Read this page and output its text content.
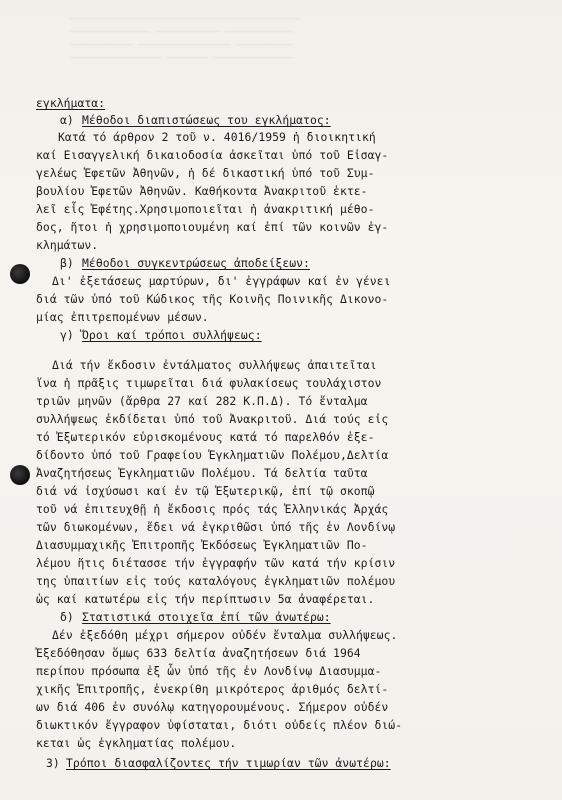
────────────────────────────────────────
────────────── ─────────── ────────────
─────────── ──────────────── ──────────
──────────────── ─────── ──────────────
εγκλήματα:
α) Μέθοδοι διαπιστώσεως του εγκλήματος:
Κατά τό άρθρον 2 τοῦ ν. 4016/1959 ἡ διοικητική
καί Εισαγγελική δικαιοδοσία ἀσκεῖται ὑπό τοῦ Εἰσαγ-
γελέως Ἐφετῶν Ἀθηνῶν, ἡ δέ δικαστική ὑπό τοῦ Συμ-
βουλίου Ἐφετῶν Ἀθηνῶν. Καθήκοντα Ἀνακριτοῦ ἐκτε-
λεῖ εἷς Ἐφέτης.Χρησιμοποιεῖται ἡ ἀνακριτική μέθο-
δος, ἤτοι ἡ χρησιμοποιουμένη καί ἐπί τῶν κοινῶν ἐγ-
κλημάτων.
β) Μέθοδοι συγκεντρώσεως ἀποδείξεων:
Δι' ἐξετάσεως μαρτύρων, δι' ἐγγράφων καί ἐν γένει
διά τῶν ὑπό τοῦ Κώδικος τῆς Κοινῆς Ποινικῆς Δικονο-
μίας ἐπιτρεπομένων μέσων.
γ) Ὅροι καί τρόποι συλλήψεως:
Διά τήν ἔκδοσιν ἐντάλματος συλλήψεως ἀπαιτεῖται
ἵνα ἡ πρᾶξις τιμωρεῖται διά φυλακίσεως τουλάχιστον
τριῶν μηνῶν (ἄρθρα 27 καί 282 Κ.Π.Δ). Τό ἔνταλμα
συλλήψεως ἐκδίδεται ὑπό τοῦ Ἀνακριτοῦ. Διά τούς εἰς
τό Ἐξωτερικόν εὑρισκομένους κατά τό παρελθόν ἐξε-
δίδοντο ὑπό τοῦ Γραφείου Ἐγκληματιῶν Πολέμου,Δελτία
Ἀναζητήσεως Ἐγκληματιῶν Πολέμου. Τά δελτία ταῦτα
διά νά ἰσχύσωσι καί ἐν τῷ Ἐξωτερικῷ, ἐπί τῷ σκοπῷ
τοῦ νά ἐπιτευχθῇ ἡ ἔκδοσις πρός τάς Ἑλληνικάς Ἀρχάς
τῶν διωκομένων, ἔδει νά ἐγκριθῶσι ὑπό τῆς ἐν Λονδίνῳ
Διασυμμαχικῆς Ἐπιτροπῆς Ἐκδόσεως Ἐγκληματιῶν Πο-
λέμου ἥτις διέτασσε τήν ἐγγραφήν τῶν κατά τήν κρίσιν
της ὑπαιτίων εἰς τούς καταλόγους ἐγκληματιῶν πολέμου
ὡς καί κατωτέρω εἰς τήν περίπτωσιν 5α ἀναφέρεται.
δ) Στατιστικά στοιχεῖα ἐπί τῶν ἀνωτέρω:
Δέν ἐξεδόθη μέχρι σήμερον οὐδέν ἔνταλμα συλλήψεως.
Ἐξεδόθησαν ὅμως 633 δελτία ἀναζητήσεων διά 1964
περίπου πρόσωπα ἐξ ὧν ὑπό τῆς ἐν Λονδίνῳ Διασυμμα-
χικῆς Ἐπιτροπῆς, ἐνεκρίθη μικρότερος ἀριθμός δελτί-
ων διά 406 ἐν συνόλῳ κατηγορουμένους. Σήμερον οὐδέν
διωκτικόν ἔγγραφον ὑφίσταται, διότι οὐδείς πλέον διώ-
κεται ὡς ἐγκληματίας πολέμου.
3) Τρόποι διασφαλίζοντες τήν τιμωρίαν τῶν ἀνωτέρω:
